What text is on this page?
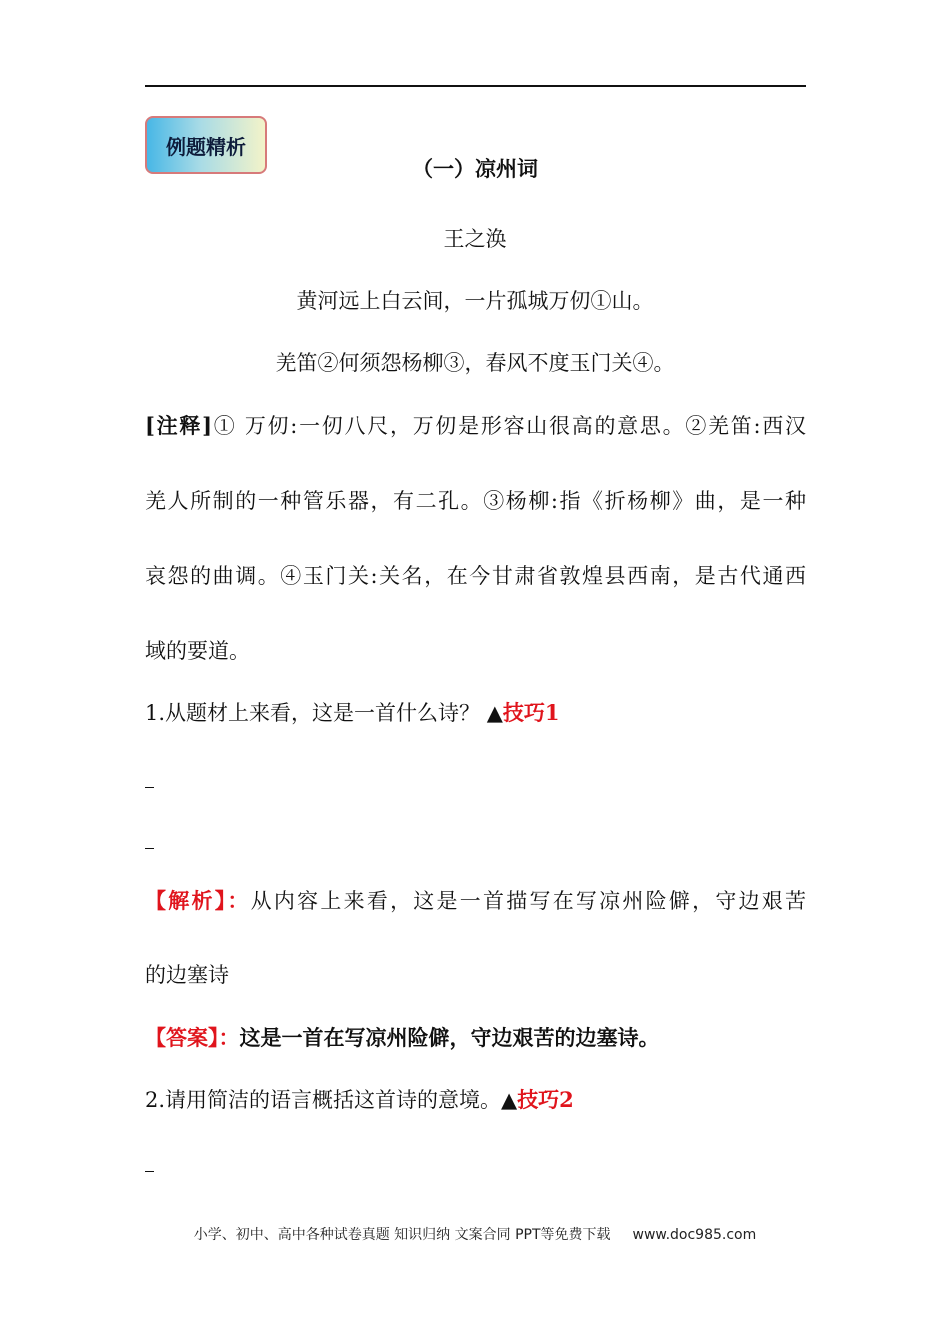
例题精析
（一）凉州词
王之涣
黄河远上白云间，一片孤城万仞①山。
羌笛②何须怨杨柳③，春风不度玉门关④。
[注释]① 万仞:一仞八尺，万仞是形容山很高的意思。②羌笛:西汉
羌人所制的一种管乐器，有二孔。③杨柳:指《折杨柳》曲，是一种
哀怨的曲调。④玉门关:关名，在今甘肃省敦煌县西南，是古代通西
域的要道。
1.从题材上来看，这是一首什么诗？ ▲技巧1
【解析】：从内容上来看，这是一首描写在写凉州险僻，守边艰苦
的边塞诗
【答案】：这是一首在写凉州险僻，守边艰苦的边塞诗。
2.请用简洁的语言概括这首诗的意境。▲技巧2
小学、初中、高中各种试卷真题 知识归纳 文案合同 PPT等免费下载 www.doc985.com
